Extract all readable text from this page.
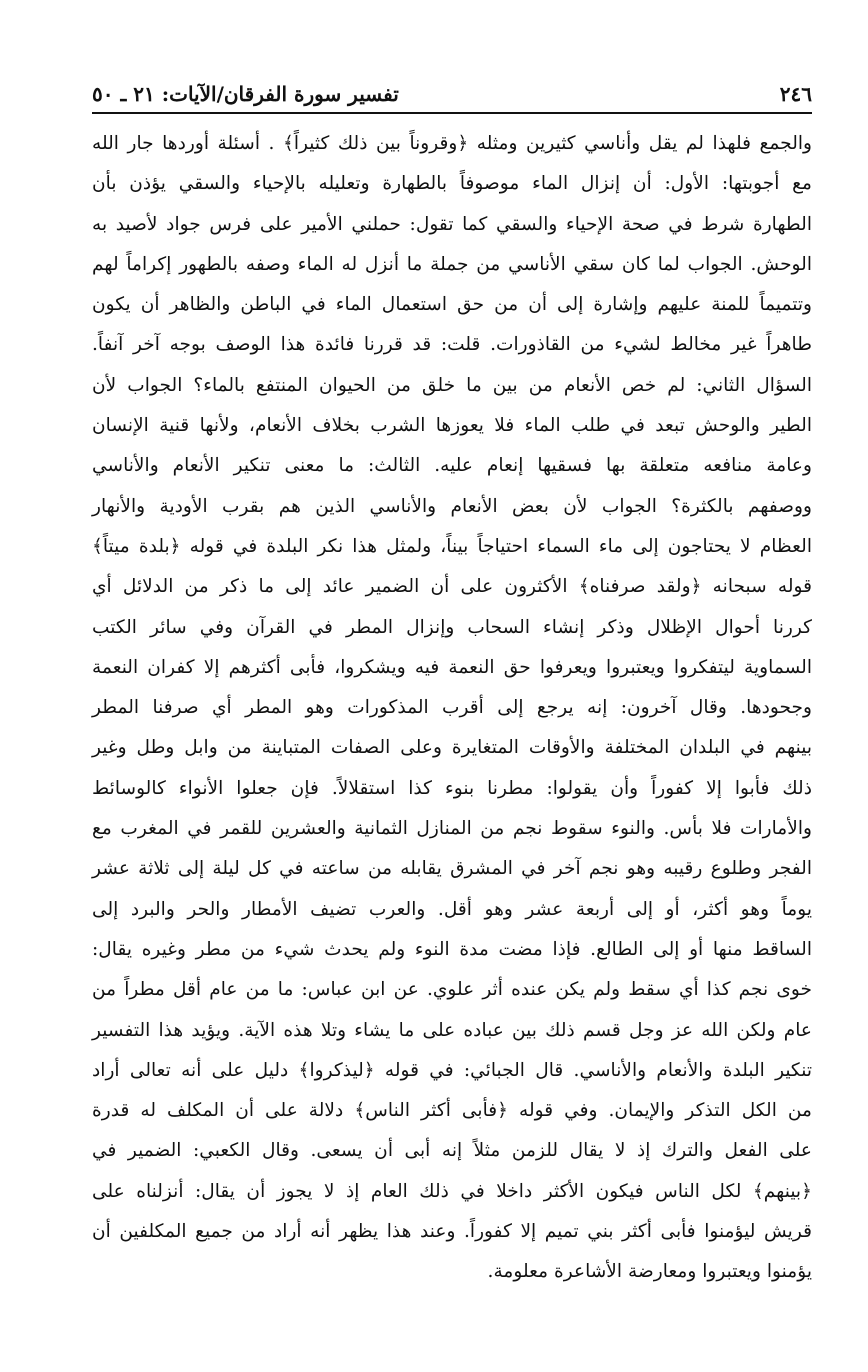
٢٤٦
تفسير سورة الفرقان/الآيات: ٢١ ـ ٥٠
والجمع فلهذا لم يقل وأناسي كثيرين ومثله ﴿وقروناً بين ذلك كثيراً﴾ . أسئلة أوردها جار الله
مع أجوبتها: الأول: أن إنزال الماء موصوفاً بالطهارة وتعليله بالإحياء والسقي يؤذن بأن
الطهارة شرط في صحة الإحياء والسقي كما تقول: حملني الأمير على فرس جواد لأصيد به
الوحش. الجواب لما كان سقي الأناسي من جملة ما أنزل له الماء وصفه بالطهور إكراماً لهم
وتتميماً للمنة عليهم وإشارة إلى أن من حق استعمال الماء في الباطن والظاهر أن يكون
طاهراً غير مخالط لشيء من القاذورات. قلت: قد قررنا فائدة هذا الوصف بوجه آخر آنفاً.
السؤال الثاني: لم خص الأنعام من بين ما خلق من الحيوان المنتفع بالماء؟ الجواب لأن
الطير والوحش تبعد في طلب الماء فلا يعوزها الشرب بخلاف الأنعام، ولأنها قنية الإنسان
وعامة منافعه متعلقة بها فسقيها إنعام عليه. الثالث: ما معنى تنكير الأنعام والأناسي
ووصفهم بالكثرة؟ الجواب لأن بعض الأنعام والأناسي الذين هم بقرب الأودية والأنهار
العظام لا يحتاجون إلى ماء السماء احتياجاً بيناً، ولمثل هذا نكر البلدة في قوله ﴿بلدة ميتاً﴾
قوله سبحانه ﴿ولقد صرفناه﴾ الأكثرون على أن الضمير عائد إلى ما ذكر من الدلائل أي
كررنا أحوال الإظلال وذكر إنشاء السحاب وإنزال المطر في القرآن وفي سائر الكتب
السماوية ليتفكروا ويعتبروا ويعرفوا حق النعمة فيه ويشكروا، فأبى أكثرهم إلا كفران النعمة
وجحودها. وقال آخرون: إنه يرجع إلى أقرب المذكورات وهو المطر أي صرفنا المطر
بينهم في البلدان المختلفة والأوقات المتغايرة وعلى الصفات المتباينة من وابل وطل وغير
ذلك فأبوا إلا كفوراً وأن يقولوا: مطرنا بنوء كذا استقلالاً. فإن جعلوا الأنواء كالوسائط
والأمارات فلا بأس. والنوء سقوط نجم من المنازل الثمانية والعشرين للقمر في المغرب مع
الفجر وطلوع رقيبه وهو نجم آخر في المشرق يقابله من ساعته في كل ليلة إلى ثلاثة عشر
يوماً وهو أكثر، أو إلى أربعة عشر وهو أقل. والعرب تضيف الأمطار والحر والبرد إلى
الساقط منها أو إلى الطالع. فإذا مضت مدة النوء ولم يحدث شيء من مطر وغيره يقال:
خوى نجم كذا أي سقط ولم يكن عنده أثر علوي. عن ابن عباس: ما من عام أقل مطراً من
عام ولكن الله عز وجل قسم ذلك بين عباده على ما يشاء وتلا هذه الآية. ويؤيد هذا التفسير
تنكير البلدة والأنعام والأناسي. قال الجبائي: في قوله ﴿ليذكروا﴾ دليل على أنه تعالى أراد
من الكل التذكر والإيمان. وفي قوله ﴿فأبى أكثر الناس﴾ دلالة على أن المكلف له قدرة
على الفعل والترك إذ لا يقال للزمن مثلاً إنه أبى أن يسعى. وقال الكعبي: الضمير في
﴿بينهم﴾ لكل الناس فيكون الأكثر داخلا في ذلك العام إذ لا يجوز أن يقال: أنزلناه على
قريش ليؤمنوا فأبى أكثر بني تميم إلا كفوراً. وعند هذا يظهر أنه أراد من جميع المكلفين أن
يؤمنوا ويعتبروا ومعارضة الأشاعرة معلومة.
